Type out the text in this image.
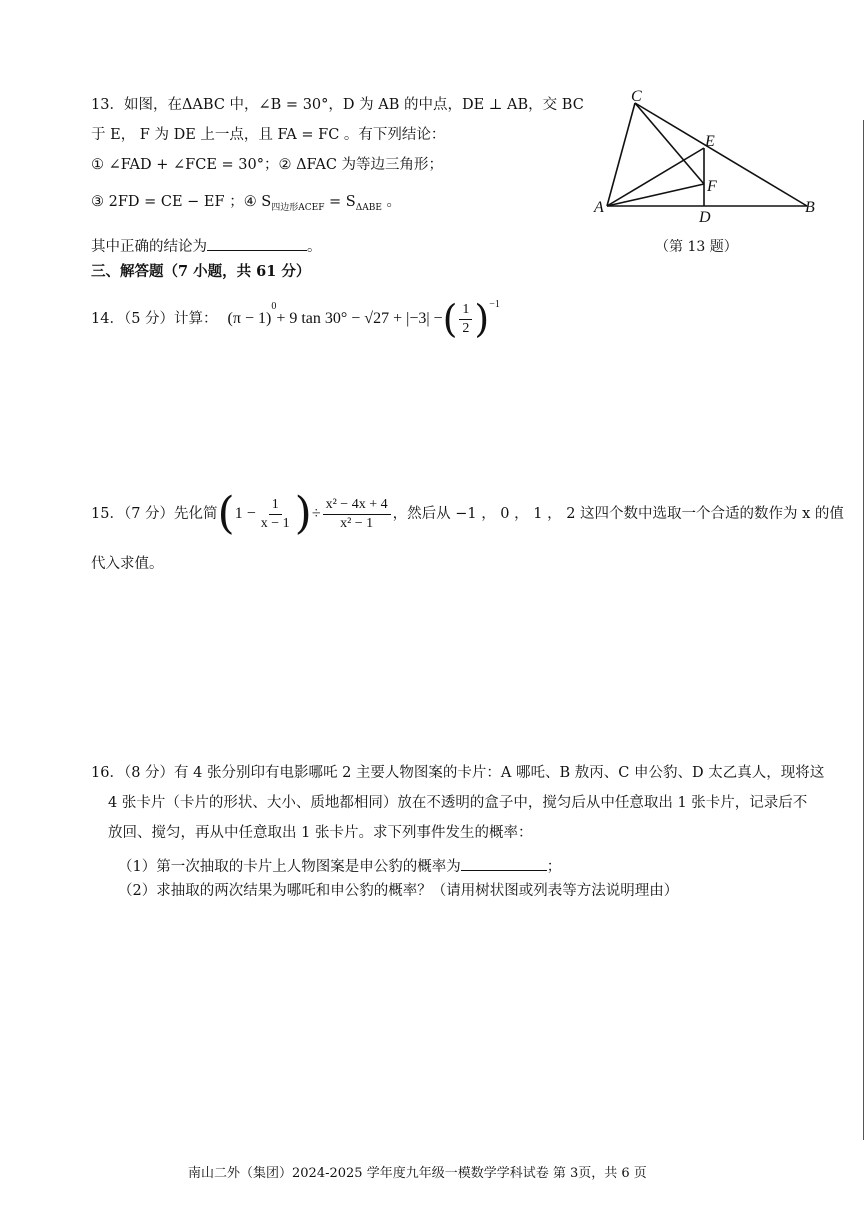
13．如图，在ΔABC 中，∠B = 30°，D 为 AB 的中点，DE ⊥ AB，交 BC
于 E， F 为 DE 上一点，且 FA = FC 。有下列结论：
① ∠FAD + ∠FCE = 30°；② ΔFAC 为等边三角形；
③ 2FD = CE − EF ；④ $S_{四边形ACEF} = S_{\Delta ABE}$ 。
其中正确的结论为	。
C
E
F
A
D
B
（第 13 题）
三、解答题（7 小题，共 61 分）
14．（5 分）计算： (π − 1)
$^0$
+ 9 tan 30° − √27 + |−3| − ( $\frac{1}{2} )^{-1}$
15．（7 分）先化简 ( $1 - \frac{1}{x - 1}$ ) ÷ $\frac{\text{x² − 4x + 4}}{\text{x² − 1}}$ ，然后从 −1 ， 0 ， 1 ， 2 这四个数中选取一个合适的数作为 x 的值
代入求值。
16．（8 分）有 4 张分别印有电影哪吒 2 主要人物图案的卡片：A 哪吒、B 敖丙、C 申公豹、D 太乙真人，现将这
4 张卡片（卡片的形状、大小、质地都相同）放在不透明的盒子中，搅匀后从中任意取出 1 张卡片，记录后不
放回、搅匀，再从中任意取出 1 张卡片。求下列事件发生的概率：
（1）第一次抽取的卡片上人物图案是申公豹的概率为	；
（2）求抽取的两次结果为哪吒和申公豹的概率？（请用树状图或列表等方法说明理由）
南山二外（集团）2024-2025 学年度九年级一模数学学科试卷 第 3页，共 6 页
